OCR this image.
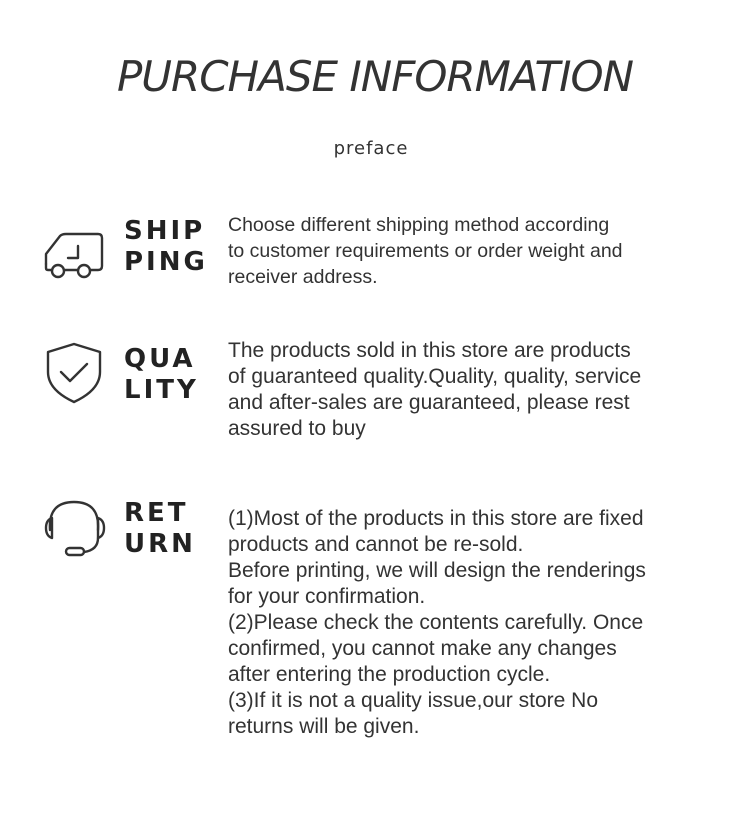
PURCHASE INFORMATION
preface
SHIP
PING
Choose different shipping method according
to customer requirements or order weight and
receiver address.
QUA
LITY
The products sold in this store are products
of guaranteed quality.Quality, quality, service
and after-sales are guaranteed, please rest
assured to buy
RET
URN
(1)Most of the products in this store are fixed
products and cannot be re-sold.
Before printing, we will design the renderings
for your confirmation.
(2)Please check the contents carefully. Once
confirmed, you cannot make any changes
after entering the production cycle.
(3)If it is not a quality issue,our store No
returns will be given.
